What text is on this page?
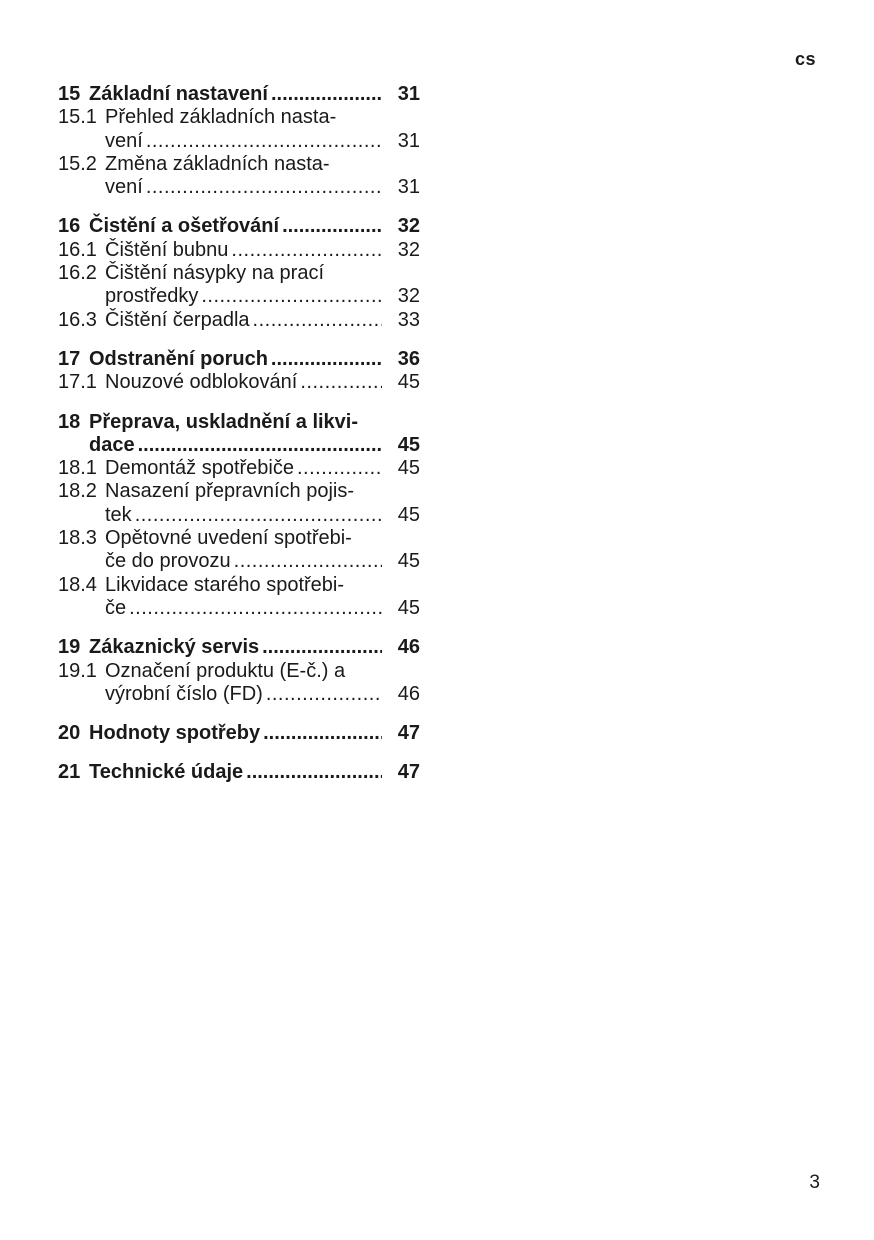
cs
15 Základní nastavení .....	31
15.1 Přehled základních nasta-
vení .....	31
15.2 Změna základních nasta-
vení .....	31
16 Čistění a ošetřování .....	32
16.1 Čištění bubnu .....	32
16.2 Čištění násypky na prací
prostředky .....	32
16.3 Čištění čerpadla .....	33
17 Odstranění poruch .....	36
17.1 Nouzové odblokování .....	45
18 Přeprava, uskladnění a likvi-
dace .....	45
18.1 Demontáž spotřebiče .....	45
18.2 Nasazení přepravních pojis-
tek .....	45
18.3 Opětovné uvedení spotřebi-
če do provozu .....	45
18.4 Likvidace starého spotřebi-
če .....	45
19 Zákaznický servis .....	46
19.1 Označení produktu (E-č.) a
výrobní číslo (FD) .....	46
20 Hodnoty spotřeby .....	47
21 Technické údaje .....	47
3
